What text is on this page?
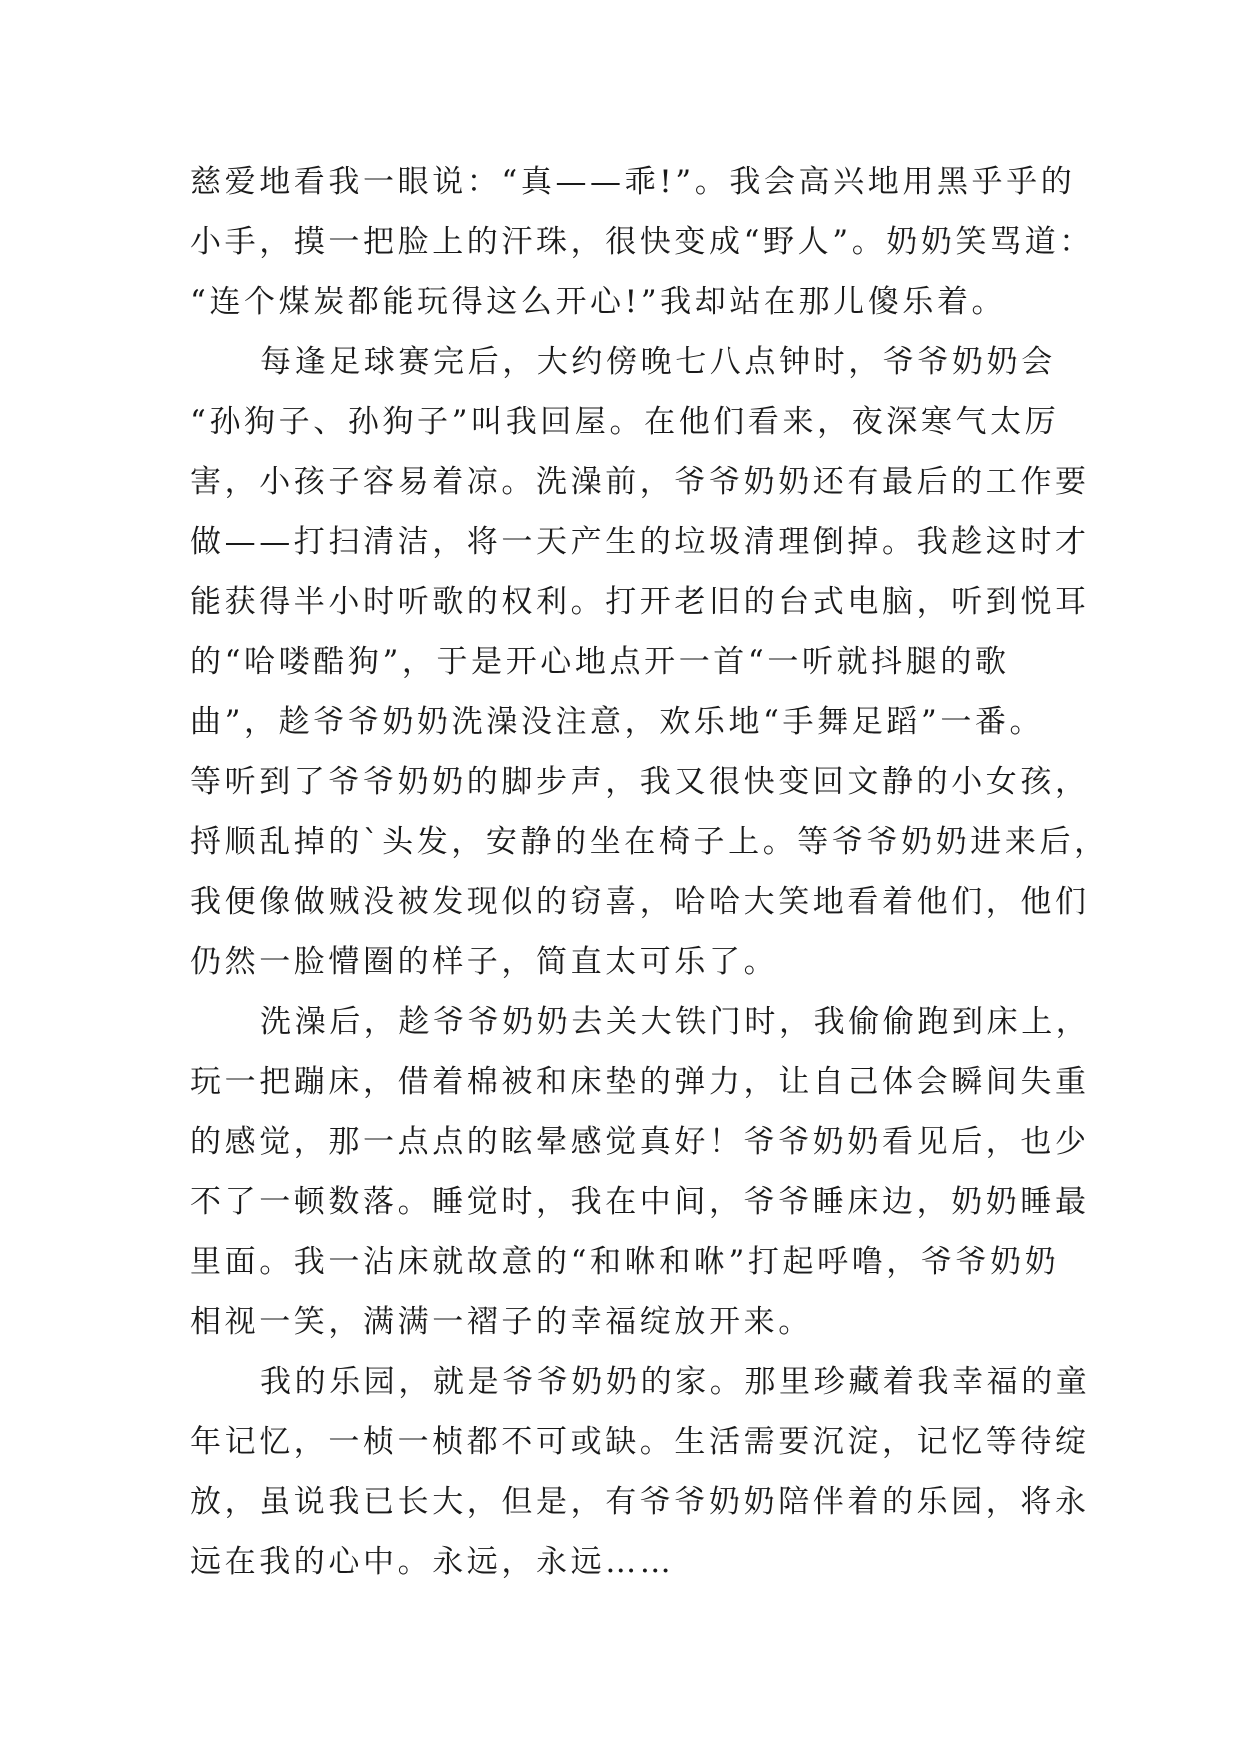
慈爱地看我一眼说：“真——乖!”。我会高兴地用黑乎乎的
小手，摸一把脸上的汗珠，很快变成“野人”。奶奶笑骂道：
“连个煤炭都能玩得这么开心!”我却站在那儿傻乐着。
每逢足球赛完后，大约傍晚七八点钟时，爷爷奶奶会
“孙狗子、孙狗子”叫我回屋。在他们看来，夜深寒气太厉
害，小孩子容易着凉。洗澡前，爷爷奶奶还有最后的工作要
做——打扫清洁，将一天产生的垃圾清理倒掉。我趁这时才
能获得半小时听歌的权利。打开老旧的台式电脑，听到悦耳
的“哈喽酷狗”，于是开心地点开一首“一听就抖腿的歌
曲”，趁爷爷奶奶洗澡没注意，欢乐地“手舞足蹈”一番。
等听到了爷爷奶奶的脚步声，我又很快变回文静的小女孩，
捋顺乱掉的`头发，安静的坐在椅子上。等爷爷奶奶进来后，
我便像做贼没被发现似的窃喜，哈哈大笑地看着他们，他们
仍然一脸懵圈的样子，简直太可乐了。
洗澡后，趁爷爷奶奶去关大铁门时，我偷偷跑到床上，
玩一把蹦床，借着棉被和床垫的弹力，让自己体会瞬间失重
的感觉，那一点点的眩晕感觉真好！爷爷奶奶看见后，也少
不了一顿数落。睡觉时，我在中间，爷爷睡床边，奶奶睡最
里面。我一沾床就故意的“和咻和咻”打起呼噜，爷爷奶奶
相视一笑，满满一褶子的幸福绽放开来。
我的乐园，就是爷爷奶奶的家。那里珍藏着我幸福的童
年记忆，一桢一桢都不可或缺。生活需要沉淀，记忆等待绽
放，虽说我已长大，但是，有爷爷奶奶陪伴着的乐园，将永
远在我的心中。永远，永远……
